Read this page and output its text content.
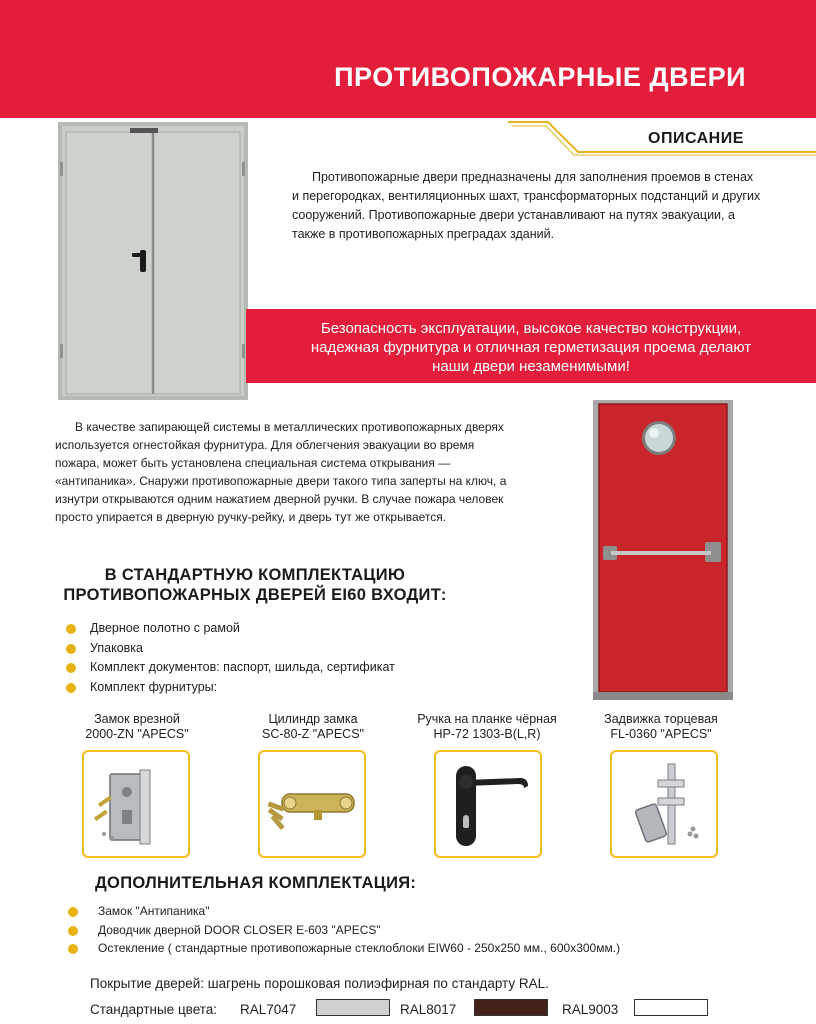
ПРОТИВОПОЖАРНЫЕ ДВЕРИ
ОПИСАНИЕ
Противопожарные двери предназначены для заполнения проемов в стенах и перегородках, вентиляционных шахт, трансформаторных подстанций и других сооружений. Противопожарные двери устанавливают на путях эвакуации, а также в противопожарных преградах зданий.
Безопасность эксплуатации, высокое качество конструкции,
надежная фурнитура и отличная герметизация проема делают
наши двери незаменимыми!
В качестве запирающей системы в металлических противопожарных дверях используется огнестойкая фурнитура. Для облегчения эвакуации во время пожара, может быть установлена специальная система открывания — «антипаника». Снаружи противопожарные двери такого типа заперты на ключ, а изнутри открываются одним нажатием дверной ручки. В случае пожара человек просто упирается в дверную ручку-рейку, и дверь тут же открывается.
В СТАНДАРТНУЮ КОМПЛЕКТАЦИЮ
ПРОТИВОПОЖАРНЫХ ДВЕРЕЙ EI60 ВХОДИТ:
Дверное полотно с рамой
Упаковка
Комплект документов: паспорт, шильда, сертификат
Комплект фурнитуры:
Замок врезной
2000-ZN "APECS"
Цилиндр замка
SC-80-Z "APECS"
Ручка на планке чёрная
HP-72 1303-B(L,R)
Задвижка торцевая
FL-0360 "APECS"
ДОПОЛНИТЕЛЬНАЯ КОМПЛЕКТАЦИЯ:
Замок "Антипаника"
Доводчик дверной DOOR CLOSER E-603 "APECS"
Остекление ( стандартные противопожарные стеклоблоки EIW60 - 250х250 мм., 600х300мм.)
Покрытие дверей: шагрень порошковая полиэфирная по стандарту RAL.
Стандартные цвета: RAL7047	RAL8017	RAL9003
